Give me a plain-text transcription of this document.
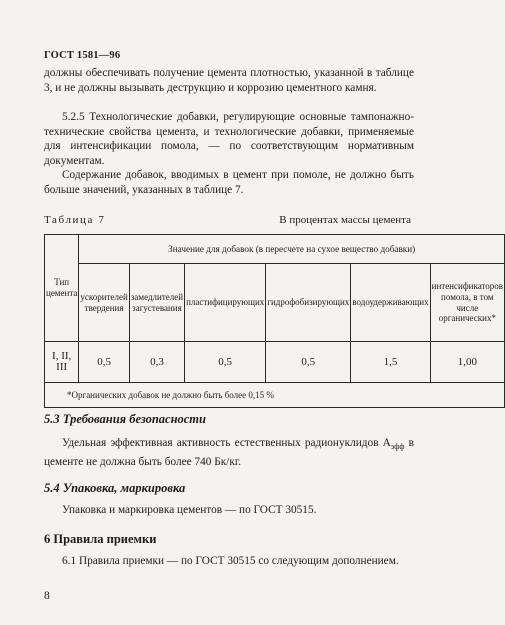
ГОСТ 1581—96
должны обеспечивать получение цемента плотностью, указанной в таблице 3, и не должны вызывать деструкцию и коррозию цементного камня.
5.2.5 Технологические добавки, регулирующие основные тампонажно-технические свойства цемента, и технологические добавки, применяемые для интенсификации помола, — по соответствующим нормативным документам.
Содержание добавок, вводимых в цемент при помоле, не должно быть больше значений, указанных в таблице 7.
Таблица 7	В процентах массы цемента
Тип цемента	Значение для добавок (в пересчете на сухое вещество добавки)					
	ускорителей твердения	замедлителей загустевания	пластифицирующих	гидрофобизирующих	водоудерживающих	интенсификаторов помола, в том числе органических*
I, II, III	0,5	0,3	0,5	0,5	1,5	1,00
*Органических добавок не должно быть более 0,15 %						
5.3 Требования безопасности
Удельная эффективная активность естественных радионуклидов $А_{эфф}$ в цементе не должна быть более 740 Бк/кг.
5.4 Упаковка, маркировка
Упаковка и маркировка цементов — по ГОСТ 30515.
6 Правила приемки
6.1 Правила приемки — по ГОСТ 30515 со следующим дополнением.
8
